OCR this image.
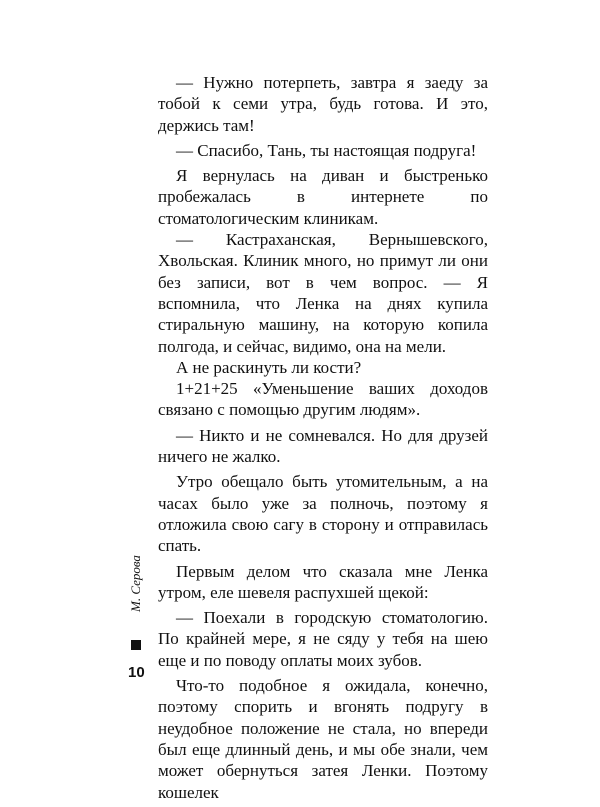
— Нужно потерпеть, завтра я заеду за тобой к семи утра, будь готова. И это, держись там!

— Спасибо, Тань, ты настоящая подруга!

Я вернулась на диван и быстренько пробежалась в интернете по стоматологическим клиникам.

— Кастраханская, Вернышевского, Хвольская. Клиник много, но примут ли они без записи, вот в чем вопрос. — Я вспомнила, что Ленка на днях купила стиральную машину, на которую копила полгода, и сейчас, видимо, она на мели.

А не раскинуть ли кости?

1+21+25 «Уменьшение ваших доходов связано с помощью другим людям».

— Никто и не сомневался. Но для друзей ничего не жалко.

Утро обещало быть утомительным, а на часах было уже за полночь, поэтому я отложила свою сагу в сторону и отправилась спать.

Первым делом что сказала мне Ленка утром, еле шевеля распухшей щекой:

— Поехали в городскую стоматологию. По крайней мере, я не сяду у тебя на шею еще и по поводу оплаты моих зубов.

Что-то подобное я ожидала, конечно, поэтому спорить и вгонять подругу в неудобное положение не стала, но впереди был еще длинный день, и мы обе знали, чем может обернуться затея Ленки. Поэтому кошелек

М. Серова
10
